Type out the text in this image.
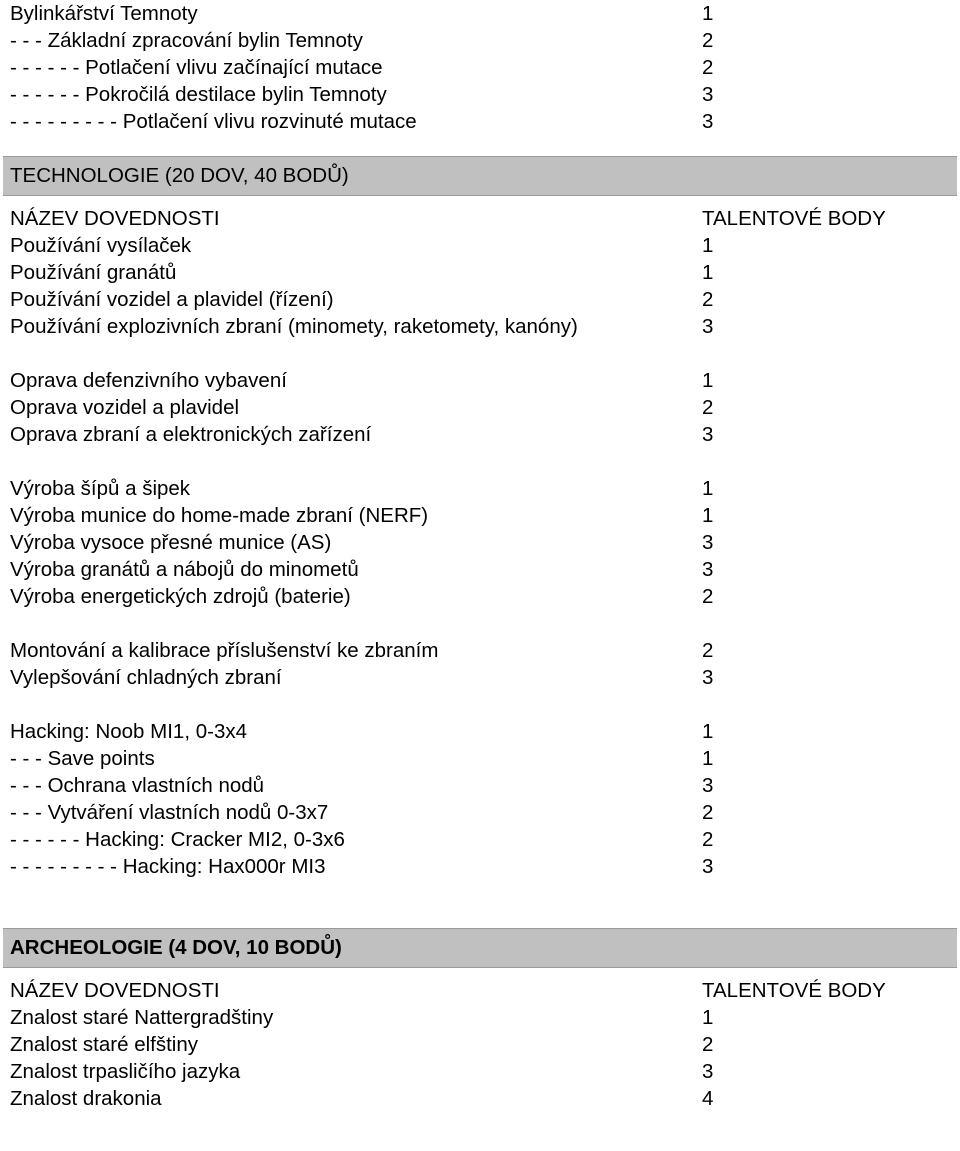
Bylinkářství Temnoty	1
- - - Základní zpracování bylin Temnoty	2
- - - - - - Potlačení vlivu začínající mutace	2
- - - - - - Pokročilá destilace bylin Temnoty	3
- - - - - - - - - Potlačení vlivu rozvinuté mutace	3
TECHNOLOGIE (20 DOV, 40 BODŮ)
NÁZEV DOVEDNOSTI	TALENTOVÉ BODY
Používání vysílaček	1
Používání granátů	1
Používání vozidel a plavidel (řízení)	2
Používání explozivních zbraní (minomety, raketomety, kanóny)	3
Oprava defenzivního vybavení	1
Oprava vozidel a plavidel	2
Oprava zbraní a elektronických zařízení	3
Výroba šípů a šipek	1
Výroba munice do home-made zbraní (NERF)	1
Výroba vysoce přesné munice (AS)	3
Výroba granátů a nábojů do minometů	3
Výroba energetických zdrojů (baterie)	2
Montování a kalibrace příslušenství ke zbraním	2
Vylepšování chladných zbraní	3
Hacking: Noob MI1, 0-3x4	1
- - - Save points	1
- - - Ochrana vlastních nodů	3
- - - Vytváření vlastních nodů 0-3x7	2
- - - - - - Hacking: Cracker MI2, 0-3x6	2
- - - - - - - - - Hacking: Hax000r MI3	3
ARCHEOLOGIE (4 DOV, 10 BODŮ)
NÁZEV DOVEDNOSTI	TALENTOVÉ BODY
Znalost staré Nattergradštiny	1
Znalost staré elfštiny	2
Znalost trpasličího jazyka	3
Znalost drakonia	4
